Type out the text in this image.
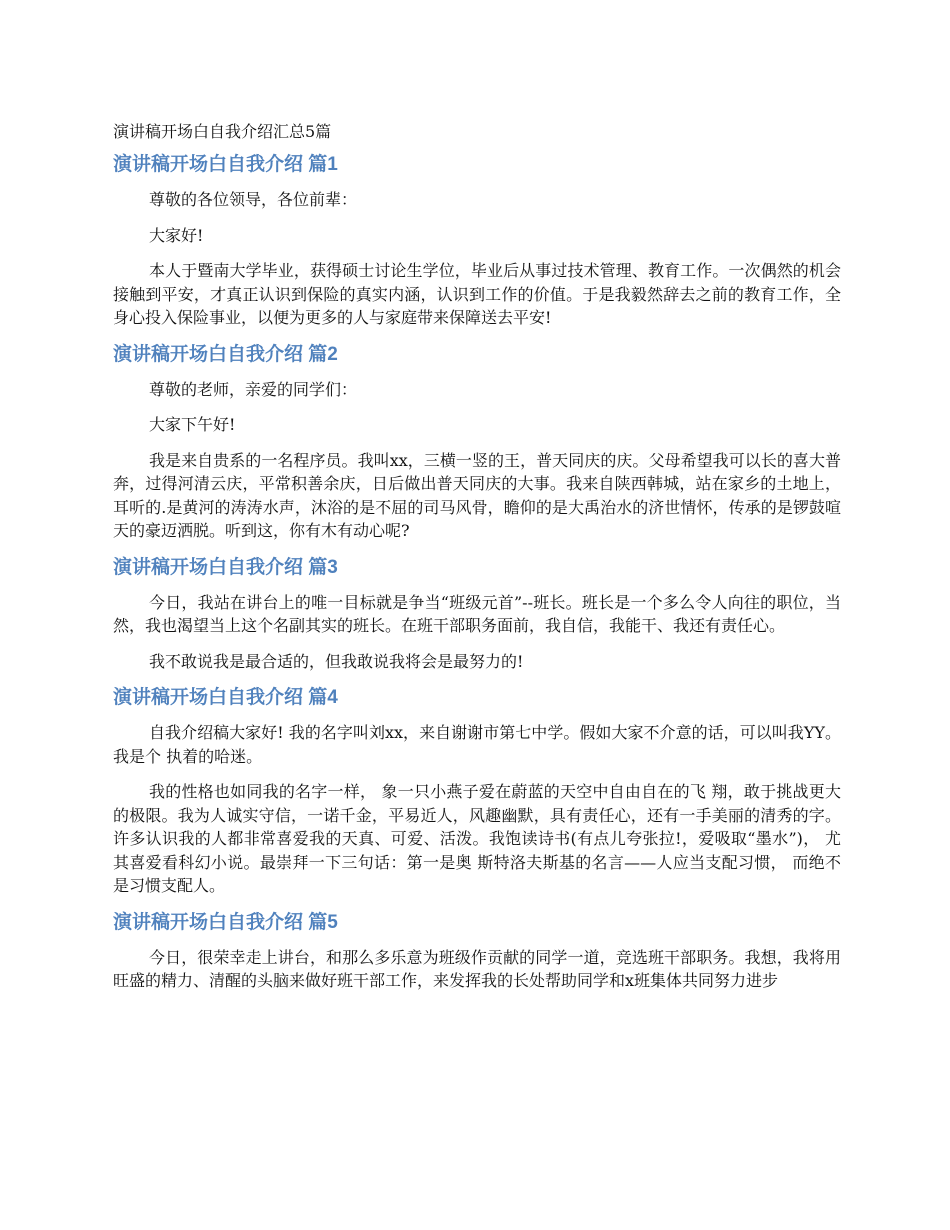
演讲稿开场白自我介绍汇总5篇
演讲稿开场白自我介绍 篇1

尊敬的各位领导，各位前辈：

大家好!

本人于暨南大学毕业，获得硕士讨论生学位，毕业后从事过技术管理、教育工作。一次偶然的机会接触到平安，才真正认识到保险的真实内涵，认识到工作的价值。于是我毅然辞去之前的教育工作，全身心投入保险事业，以便为更多的人与家庭带来保障送去平安!

演讲稿开场白自我介绍 篇2

尊敬的老师，亲爱的同学们：

大家下午好!

我是来自贵系的一名程序员。我叫xx，三横一竖的王，普天同庆的庆。父母希望我可以长的喜大普奔，过得河清云庆，平常积善余庆，日后做出普天同庆的大事。我来自陕西韩城，站在家乡的土地上，耳听的.是黄河的涛涛水声，沐浴的是不屈的司马风骨，瞻仰的是大禹治水的济世情怀，传承的是锣鼓喧天的豪迈洒脱。听到这，你有木有动心呢?

演讲稿开场白自我介绍 篇3

今日，我站在讲台上的唯一目标就是争当“班级元首”--班长。班长是一个多么令人向往的职位，当然，我也渴望当上这个名副其实的班长。在班干部职务面前，我自信，我能干、我还有责任心。

我不敢说我是最合适的，但我敢说我将会是最努力的!

演讲稿开场白自我介绍 篇4

自我介绍稿大家好! 我的名字叫刘xx，来自谢谢市第七中学。假如大家不介意的话，可以叫我YY。我是个 执着的哈迷。

我的性格也如同我的名字一样， 象一只小燕子爱在蔚蓝的天空中自由自在的飞 翔，敢于挑战更大的极限。我为人诚实守信，一诺千金，平易近人，风趣幽默，具有责任心，还有一手美丽的清秀的字。许多认识我的人都非常喜爱我的天真、可爱、活泼。我饱读诗书(有点儿夸张拉!，爱吸取“墨水”)， 尤其喜爱看科幻小说。最崇拜一下三句话：第一是奥 斯特洛夫斯基的名言——人应当支配习惯， 而绝不是习惯支配人。

演讲稿开场白自我介绍 篇5

今日，很荣幸走上讲台，和那么多乐意为班级作贡献的同学一道，竞选班干部职务。我想，我将用旺盛的精力、清醒的头脑来做好班干部工作，来发挥我的长处帮助同学和x班集体共同努力进步
